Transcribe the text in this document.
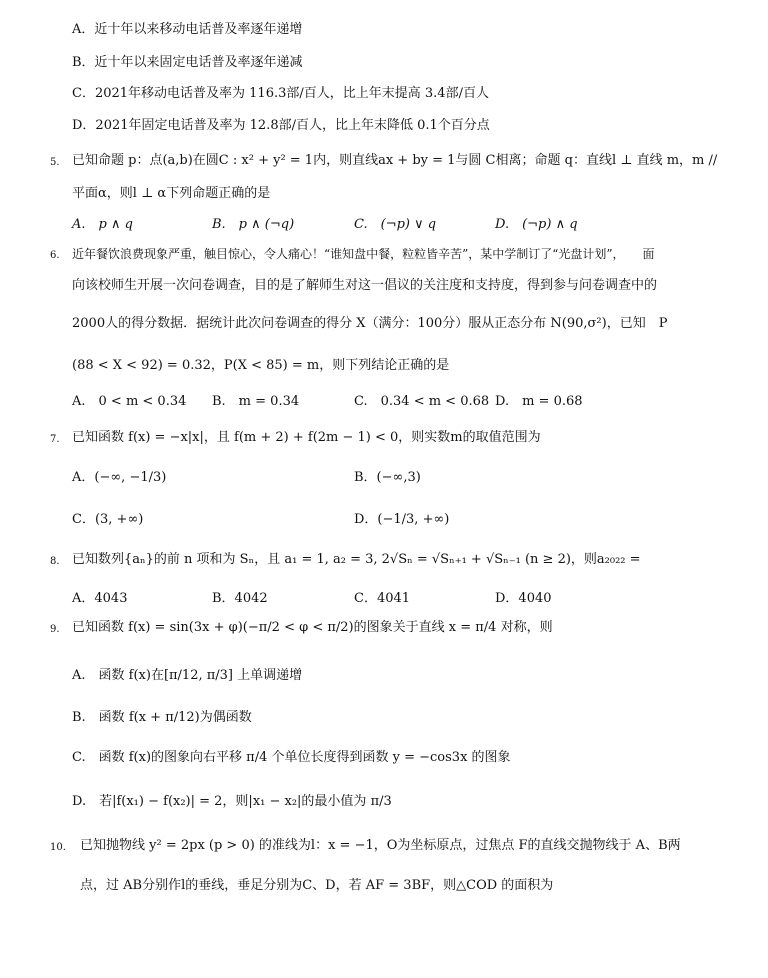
A．近十年以来移动电话普及率逐年递增
B．近十年以来固定电话普及率逐年递减
C．2021年移动电话普及率为 116.3部/百人，比上年末提高 3.4部/百人
D．2021年固定电话普及率为 12.8部/百人，比上年末降低 0.1个百分点
5. 已知命题 p：点(a,b)在圆C : x² + y² = 1内，则直线ax + by = 1与圆 C相离；命题 q：直线l ⊥ 直线 m，m //
平面α，则l ⊥ α下列命题正确的是
A.　p ∧ q	B.　p ∧ (¬q)	C.　(¬p) ∨ q	D.　(¬p) ∧ q
6. 近年餐饮浪费现象严重，触目惊心，令人痛心！“谁知盘中餐，粒粒皆辛苦”，某中学制订了“光盘计划”，　　面
向该校师生开展一次问卷调查，目的是了解师生对这一倡议的关注度和支持度，得到参与问卷调查中的
2000人的得分数据．据统计此次问卷调查的得分 X（满分：100分）服从正态分布 N(90,σ²)，已知　P
(88 < X < 92) = 0.32，P(X < 85) = m，则下列结论正确的是
A.　0 < m < 0.34 B.　m = 0.34	C.　0.34 < m < 0.68 D.　m = 0.68
7. 已知函数 f(x) = −x|x|，且 f(m + 2) + f(2m − 1) < 0，则实数m的取值范围为
A．(−∞, −1/3)	B．(−∞,3)
C．(3, +∞)	D．(−1/3, +∞)
8. 已知数列{aₙ}的前 n 项和为 Sₙ，且 a₁ = 1, a₂ = 3, 2√Sₙ = √Sₙ₊₁ + √Sₙ₋₁ (n ≥ 2)，则a₂₀₂₂ =
A．4043	B．4042	C．4041	D．4040
9. 已知函数 f(x) = sin(3x + φ)(−π/2 < φ < π/2)的图象关于直线 x = π/4 对称，则
A.　函数 f(x)在[π/12, π/3] 上单调递增
B.　函数 f(x + π/12)为偶函数
C.　函数 f(x)的图象向右平移 π/4 个单位长度得到函数 y = −cos3x 的图象
D.　若|f(x₁) − f(x₂)| = 2，则|x₁ − x₂|的最小值为 π/3
10. 已知抛物线 y² = 2px (p > 0) 的准线为l：x = −1，O为坐标原点，过焦点 F的直线交抛物线于 A、B两
点，过 AB分别作l的垂线，垂足分别为C、D，若 AF = 3BF，则△COD 的面积为
